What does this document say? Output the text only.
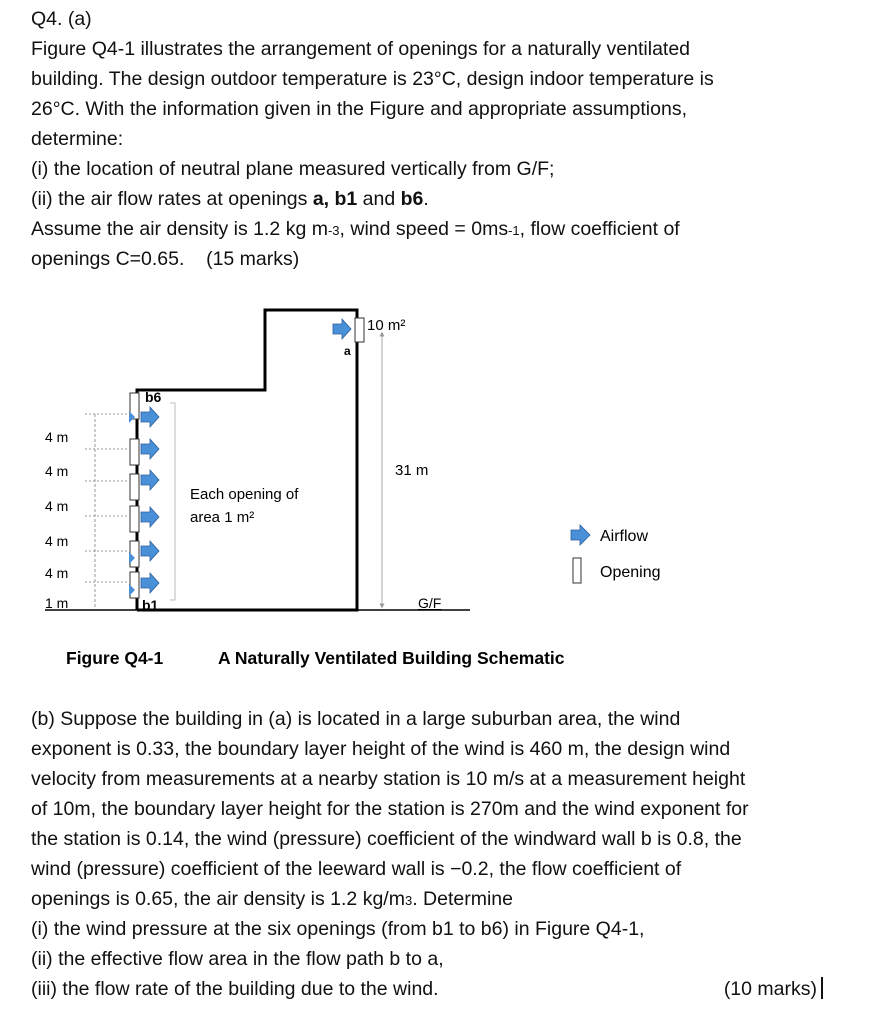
Q4. (a)
Figure Q4-1 illustrates the arrangement of openings for a naturally ventilated
building. The design outdoor temperature is 23°C, design indoor temperature is
26°C. With the information given in the Figure and appropriate assumptions,
determine:
(i) the location of neutral plane measured vertically from G/F;
(ii) the air flow rates at openings a, b1 and b6.
Assume the air density is 1.2 kg m-3, wind speed = 0ms-1, flow coefficient of
openings C=0.65.    (15 marks)
a
10 m²
31 m
G/F
b6
b1
Each opening of
area 1 m²
4 m
4 m
4 m
4 m
4 m
1 m
Airflow
Opening
Figure Q4-1	A Naturally Ventilated Building Schematic
(b) Suppose the building in (a) is located in a large suburban area, the wind
exponent is 0.33, the boundary layer height of the wind is 460 m, the design wind
velocity from measurements at a nearby station is 10 m/s at a measurement height
of 10m, the boundary layer height for the station is 270m and the wind exponent for
the station is 0.14, the wind (pressure) coefficient of the windward wall b is 0.8, the
wind (pressure) coefficient of the leeward wall is −0.2, the flow coefficient of
openings is 0.65, the air density is 1.2 kg/m3. Determine
(i) the wind pressure at the six openings (from b1 to b6) in Figure Q4-1,
(ii) the effective flow area in the flow path b to a,
(iii) the flow rate of the building due to the wind.	(10 marks)
